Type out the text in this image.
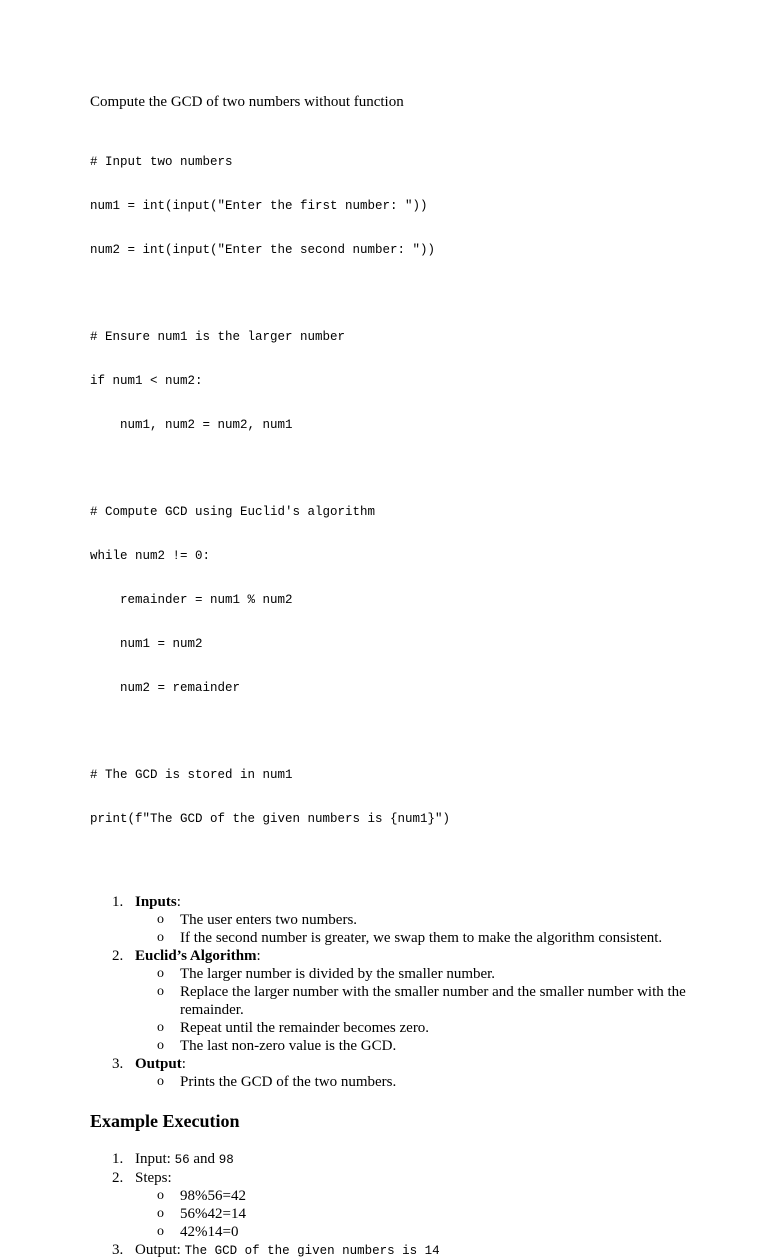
Compute the GCD of two numbers without function

# Input two numbers

num1 = int(input("Enter the first number: "))

num2 = int(input("Enter the second number: "))

# Ensure num1 is the larger number

if num1 < num2:

num1, num2 = num2, num1

# Compute GCD using Euclid's algorithm

while num2 != 0:

remainder = num1 % num2

num1 = num2

num2 = remainder

# The GCD is stored in num1

print(f"The GCD of the given numbers is {num1}")

1. Inputs:
o The user enters two numbers.
o If the second number is greater, we swap them to make the algorithm consistent.
2. Euclid’s Algorithm:
o The larger number is divided by the smaller number.
o Replace the larger number with the smaller number and the smaller number with the remainder.
o Repeat until the remainder becomes zero.
o The last non-zero value is the GCD.
3. Output:
o Prints the GCD of the two numbers.
Example Execution
1. Input: 56 and 98
2. Steps:
o 98%56=42
o 56%42=14
o 42%14=0
3. Output: The GCD of the given numbers is 14
